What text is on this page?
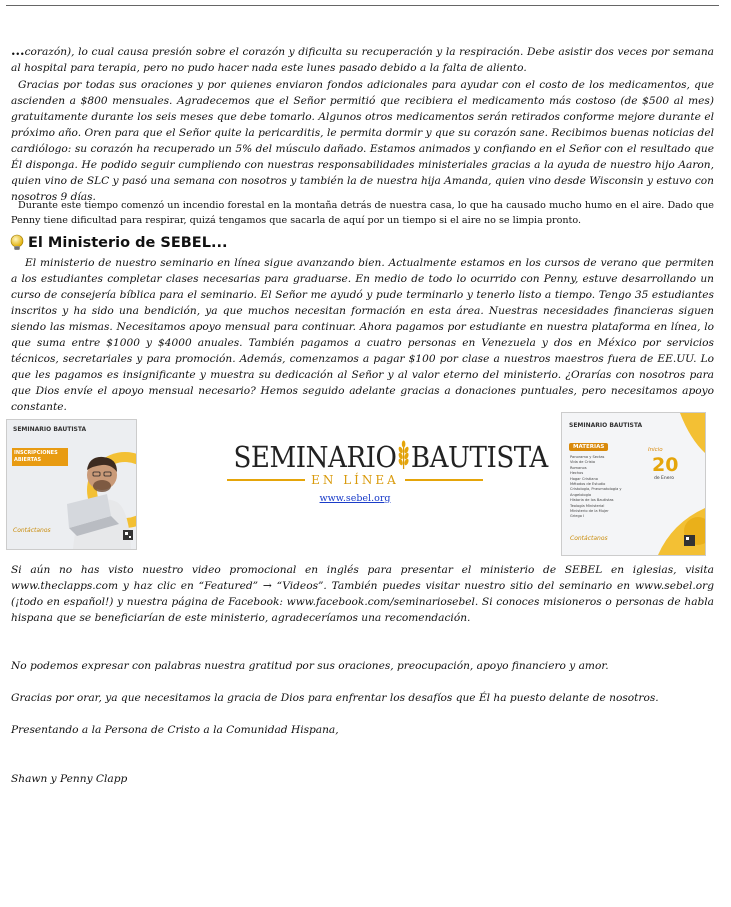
...corazón), lo cual causa presión sobre el corazón y dificulta su recuperación y la respiración. Debe asistir dos veces por semana al hospital para terapia, pero no pudo hacer nada este lunes pasado debido a la falta de aliento.

Gracias por todas sus oraciones y por quienes enviaron fondos adicionales para ayudar con el costo de los medicamentos, que ascienden a $800 mensuales. Agradecemos que el Señor permitió que recibiera el medicamento más costoso (de $500 al mes) gratuitamente durante los seis meses que debe tomarlo. Algunos otros medicamentos serán retirados conforme mejore durante el próximo año. Oren para que el Señor quite la pericarditis, le permita dormir y que su corazón sane. Recibimos buenas noticias del cardiólogo: su corazón ha recuperado un 5% del músculo dañado. Estamos animados y confiando en el Señor con el resultado que Él disponga. He podido seguir cumpliendo con nuestras responsabilidades ministeriales gracias a la ayuda de nuestro hijo Aaron, quien vino de SLC y pasó una semana con nosotros y también la de nuestra hija Amanda, quien vino desde Wisconsin y estuvo con nosotros 9 días.

Durante este tiempo comenzó un incendio forestal en la montaña detrás de nuestra casa, lo que ha causado mucho humo en el aire. Dado que Penny tiene dificultad para respirar, quizá tengamos que sacarla de aquí por un tiempo si el aire no se limpia pronto.

El Ministerio de SEBEL...

El ministerio de nuestro seminario en línea sigue avanzando bien. Actualmente estamos en los cursos de verano que permiten a los estudiantes completar clases necesarias para graduarse. En medio de todo lo ocurrido con Penny, estuve desarrollando un curso de consejería bíblica para el seminario. El Señor me ayudó y pude terminarlo y tenerlo listo a tiempo. Tengo 35 estudiantes inscritos y ha sido una bendición, ya que muchos necesitan formación en esta área. Nuestras necesidades financieras siguen siendo las mismas. Necesitamos apoyo mensual para continuar. Ahora pagamos por estudiante en nuestra plataforma en línea, lo que suma entre $1000 y $4000 anuales. También pagamos a cuatro personas en Venezuela y dos en México por servicios técnicos, secretariales y para promoción. Además, comenzamos a pagar $100 por clase a nuestros maestros fuera de EE.UU. Lo que les pagamos es insignificante y muestra su dedicación al Señor y al valor eterno del ministerio. ¿Orarías con nosotros para que Dios envíe el apoyo mensual necesario? Hemos seguido adelante gracias a donaciones puntuales, pero necesitamos apoyo constante.

SEMINARIO BAUTISTA
INSCRIPCIONES ABIERTAS
Contáctanos
SEMINARIO BAUTISTA
EN LÍNEA
www.sebel.org
SEMINARIO BAUTISTA
MATERIAS
Panorama y Sectas
Vida de Cristo
Romanos
Hechos
Hogar Cristiano
Métodos de Estudio
Cristología, Pneumatología y Angelología
Historia de los Bautistas
Teología Ministerial
Ministerio de la Mujer
Griego I
Inicio
20
de Enero
Contáctanos

Si aún no has visto nuestro video promocional en inglés para presentar el ministerio de SEBEL en iglesias, visita www.theclapps.com y haz clic en “Featured” → “Videos”. También puedes visitar nuestro sitio del seminario en www.sebel.org (¡todo en español!) y nuestra página de Facebook: www.facebook.com/seminariosebel. Si conoces misioneros o personas de habla hispana que se beneficiarían de este ministerio, agradeceríamos una recomendación.

No podemos expresar con palabras nuestra gratitud por sus oraciones, preocupación, apoyo financiero y amor.

Gracias por orar, ya que necesitamos la gracia de Dios para enfrentar los desafíos que Él ha puesto delante de nosotros.

Presentando a la Persona de Cristo a la Comunidad Hispana,

Shawn y Penny Clapp
